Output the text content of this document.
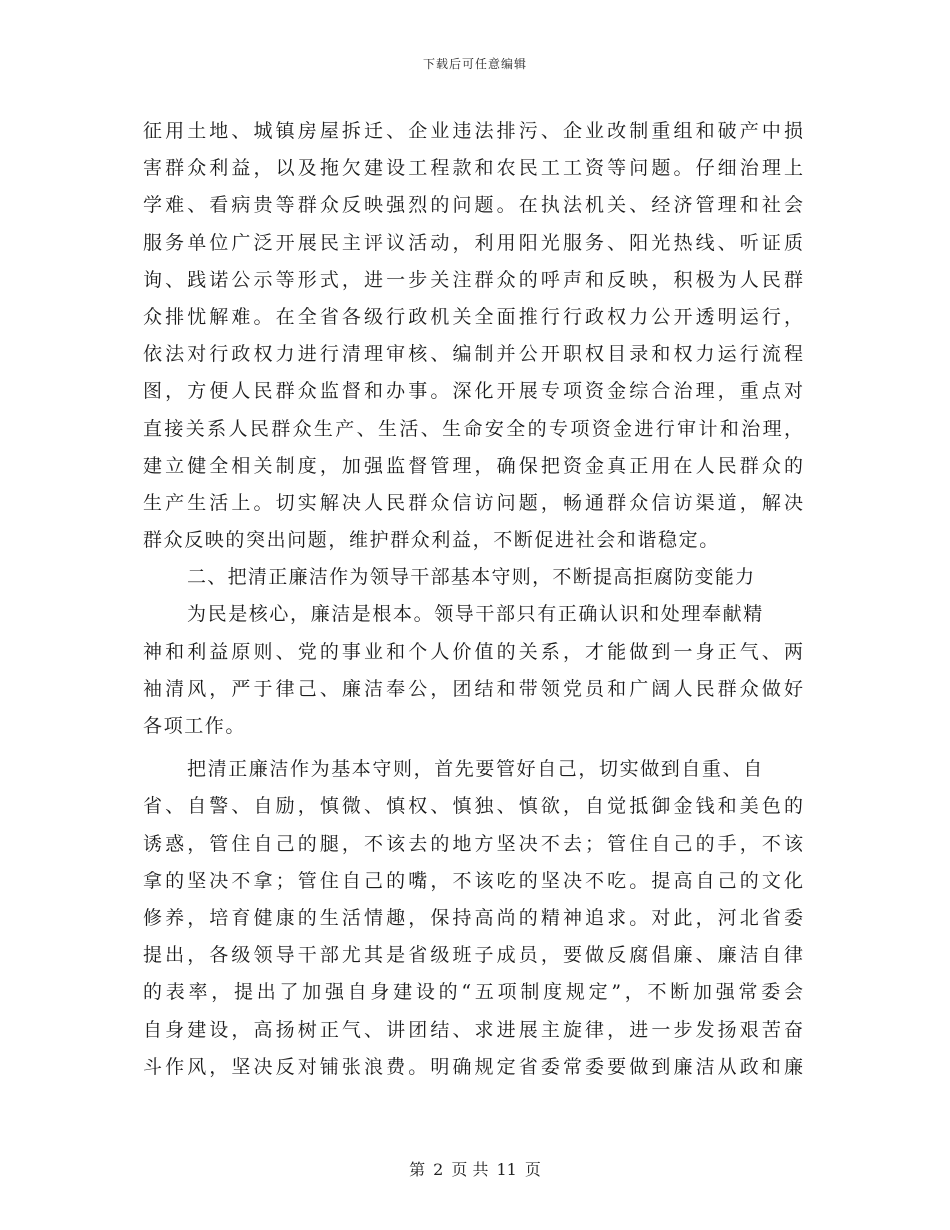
下载后可任意编辑
征用土地、城镇房屋拆迁、企业违法排污、企业改制重组和破产中损
害群众利益，以及拖欠建设工程款和农民工工资等问题。仔细治理上
学难、看病贵等群众反映强烈的问题。在执法机关、经济管理和社会
服务单位广泛开展民主评议活动，利用阳光服务、阳光热线、听证质
询、践诺公示等形式，进一步关注群众的呼声和反映，积极为人民群
众排忧解难。在全省各级行政机关全面推行行政权力公开透明运行，
依法对行政权力进行清理审核、编制并公开职权目录和权力运行流程
图，方便人民群众监督和办事。深化开展专项资金综合治理，重点对
直接关系人民群众生产、生活、生命安全的专项资金进行审计和治理，
建立健全相关制度，加强监督管理，确保把资金真正用在人民群众的
生产生活上。切实解决人民群众信访问题，畅通群众信访渠道，解决
群众反映的突出问题，维护群众利益，不断促进社会和谐稳定。
二、把清正廉洁作为领导干部基本守则，不断提高拒腐防变能力
为民是核心，廉洁是根本。领导干部只有正确认识和处理奉献精
神和利益原则、党的事业和个人价值的关系，才能做到一身正气、两
袖清风，严于律己、廉洁奉公，团结和带领党员和广阔人民群众做好
各项工作。
把清正廉洁作为基本守则，首先要管好自己，切实做到自重、自
省、自警、自励，慎微、慎权、慎独、慎欲，自觉抵御金钱和美色的
诱惑，管住自己的腿，不该去的地方坚决不去；管住自己的手，不该
拿的坚决不拿；管住自己的嘴，不该吃的坚决不吃。提高自己的文化
修养，培育健康的生活情趣，保持高尚的精神追求。对此，河北省委
提出，各级领导干部尤其是省级班子成员，要做反腐倡廉、廉洁自律
的表率，提出了加强自身建设的“五项制度规定”，不断加强常委会
自身建设，高扬树正气、讲团结、求进展主旋律，进一步发扬艰苦奋
斗作风，坚决反对铺张浪费。明确规定省委常委要做到廉洁从政和廉
第 2 页 共 11 页
